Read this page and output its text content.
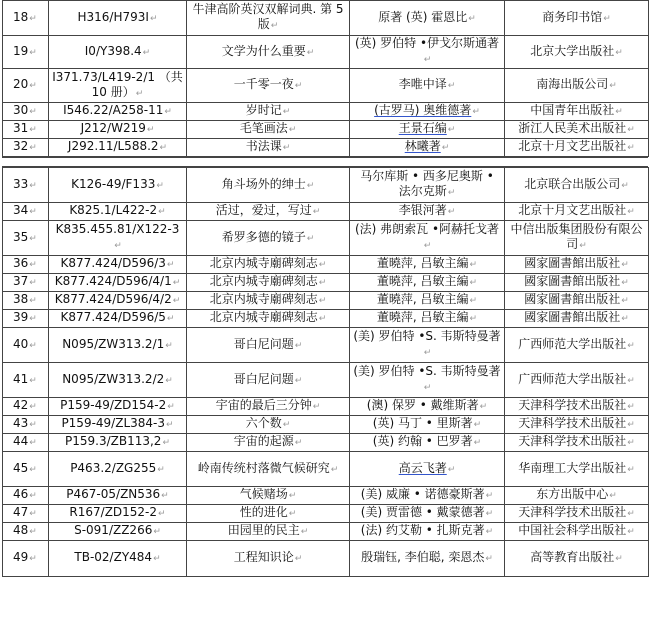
18↵	H316/H793I↵	牛津高阶英汉双解词典. 第 5 版↵	原著 (英) 霍恩比↵	商务印书馆↵
19↵	I0/Y398.4↵	文学为什么重要↵	(英) 罗伯特 •伊戈尔斯通著↵	北京大学出版社↵
20↵	I371.73/L419-2/1 （共 10 册）↵	一千零一夜↵	李唯中译↵	南海出版公司↵
30↵	I546.22/A258-11↵	岁时记↵	(古罗马) 奥维德著↵	中国青年出版社↵
31↵	J212/W219↵	毛笔画法↵	王景石编↵	浙江人民美术出版社↵
32↵	J292.11/L588.2↵	书法课↵	林曦著↵	北京十月文艺出版社↵
33↵	K126-49/F133↵	角斗场外的绅士↵	马尔库斯 • 西多尼奥斯 • 法尔克斯↵	北京联合出版公司↵
34↵	K825.1/L422-2↵	活过，爱过，写过↵	李银河著↵	北京十月文艺出版社↵
35↵	K835.455.81/X122-3↵	希罗多德的镜子↵	(法) 弗朗索瓦 •阿赫托戈著↵	中信出版集团股份有限公司↵
36↵	K877.424/D596/3↵	北京内城寺廟碑刻志↵	董曉萍, 吕敏主編↵	國家圖書館出版社↵
37↵	K877.424/D596/4/1↵	北京内城寺廟碑刻志↵	董曉萍, 吕敏主編↵	國家圖書館出版社↵
38↵	K877.424/D596/4/2↵	北京内城寺廟碑刻志↵	董曉萍, 吕敏主編↵	國家圖書館出版社↵
39↵	K877.424/D596/5↵	北京内城寺廟碑刻志↵	董曉萍, 吕敏主編↵	國家圖書館出版社↵
40↵	N095/ZW313.2/1↵	哥白尼问题↵	(美) 罗伯特 •S. 韦斯特曼著↵	广西师范大学出版社↵
41↵	N095/ZW313.2/2↵	哥白尼问题↵	(美) 罗伯特 •S. 韦斯特曼著↵	广西师范大学出版社↵
42↵	P159-49/ZD154-2↵	宇宙的最后三分钟↵	(澳) 保罗 • 戴维斯著↵	天津科学技术出版社↵
43↵	P159-49/ZL384-3↵	六个数↵	(英) 马丁 • 里斯著↵	天津科学技术出版社↵
44↵	P159.3/ZB113,2↵	宇宙的起源↵	(英) 约翰 • 巴罗著↵	天津科学技术出版社↵
45↵	P463.2/ZG255↵	岭南传统村落微气候研究↵	高云飞著↵	华南理工大学出版社↵
46↵	P467-05/ZN536↵	气候赌场↵	(美) 威廉 • 诺德豪斯著↵	东方出版中心↵
47↵	R167/ZD152-2↵	性的进化↵	(美) 贾雷德 • 戴蒙德著↵	天津科学技术出版社↵
48↵	S-091/ZZ266↵	田园里的民主↵	(法) 约艾勒 • 扎斯克著↵	中国社会科学出版社↵
49↵	TB-02/ZY484↵	工程知识论↵	殷瑞钰, 李伯聪, 栾恩杰↵	高等教育出版社↵
